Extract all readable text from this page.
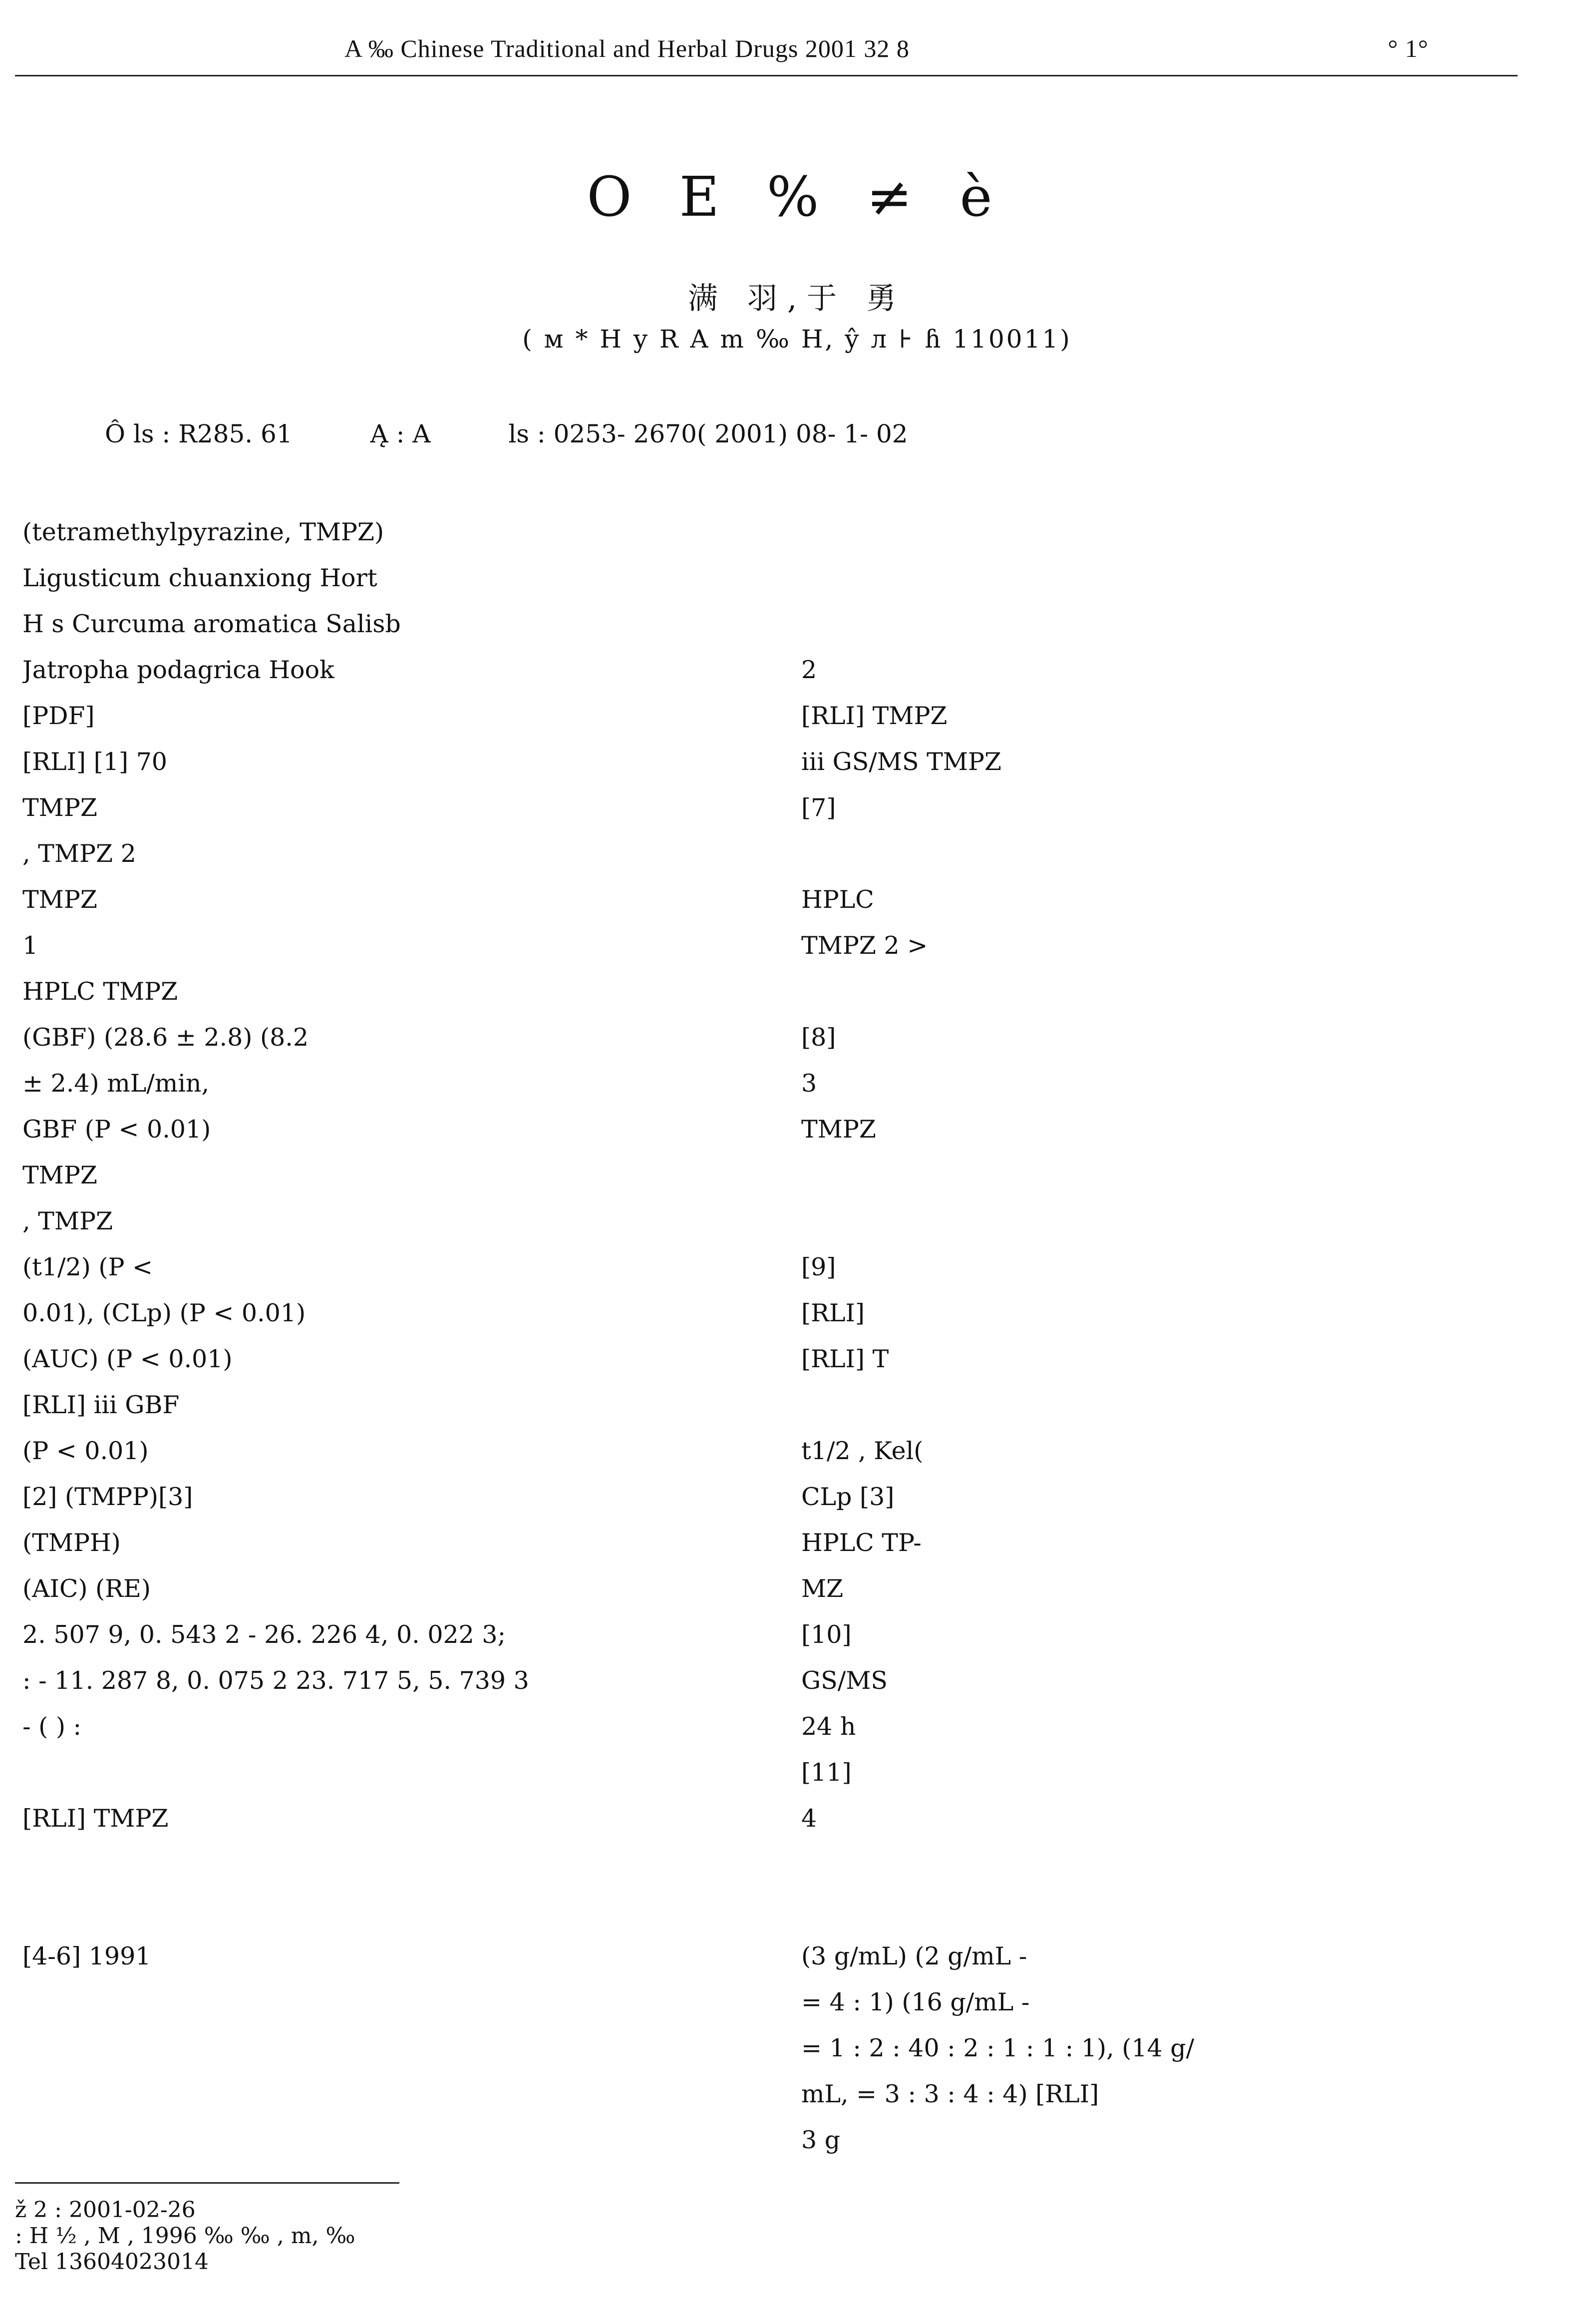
A ‰ Chinese Traditional and Herbal Drugs 2001 32 8	° 1°
O E % ≠ è
满 羽,于 勇
( м * H y R A m ‰ H, ŷ л ⊦ ɦ 110011)
Ô ls : R285. 61	Ą : A	ls : 0253- 2670( 2001) 08- 1- 02
(tetramethylpyrazine, TMPZ)
Ligusticum chuanxiong Hort
H s Curcuma aromatica Salisb
Jatropha podagrica Hook
[PDF]
[RLI] [1] 70
TMPZ
, TMPZ 2
TMPZ
1
HPLC TMPZ
(GBF) (28.6 ± 2.8) (8.2
± 2.4) mL/min,
GBF (P < 0.01)
TMPZ
, TMPZ
(t1/2) (P <
0.01), (CLp) (P < 0.01)
(AUC) (P < 0.01)
[RLI] iii GBF
(P < 0.01)
[2] (TMPP)[3]
(TMPH)
(AIC) (RE)
2. 507 9, 0. 543 2 - 26. 226 4, 0. 022 3;
: - 11. 287 8, 0. 075 2 23. 717 5, 5. 739 3
- ( ) :
[RLI] TMPZ
[4-6] 1991
2
[RLI] TMPZ
iii GS/MS TMPZ
[7]
HPLC
TMPZ 2 >
[8]
3
TMPZ
[9]
[RLI]
[RLI] T
t1/2 , Kel(
CLp [3]
HPLC TP-
MZ
[10]
GS/MS
24 h
[11]
4
(3 g/mL) (2 g/mL -
= 4 : 1) (16 g/mL -
= 1 : 2 : 40 : 2 : 1 : 1 : 1), (14 g/
mL, = 3 : 3 : 4 : 4) [RLI]
3 g
ž 2 : 2001-02-26
: H ½ , M , 1996 ‰ ‰ , m, ‰
Tel 13604023014
